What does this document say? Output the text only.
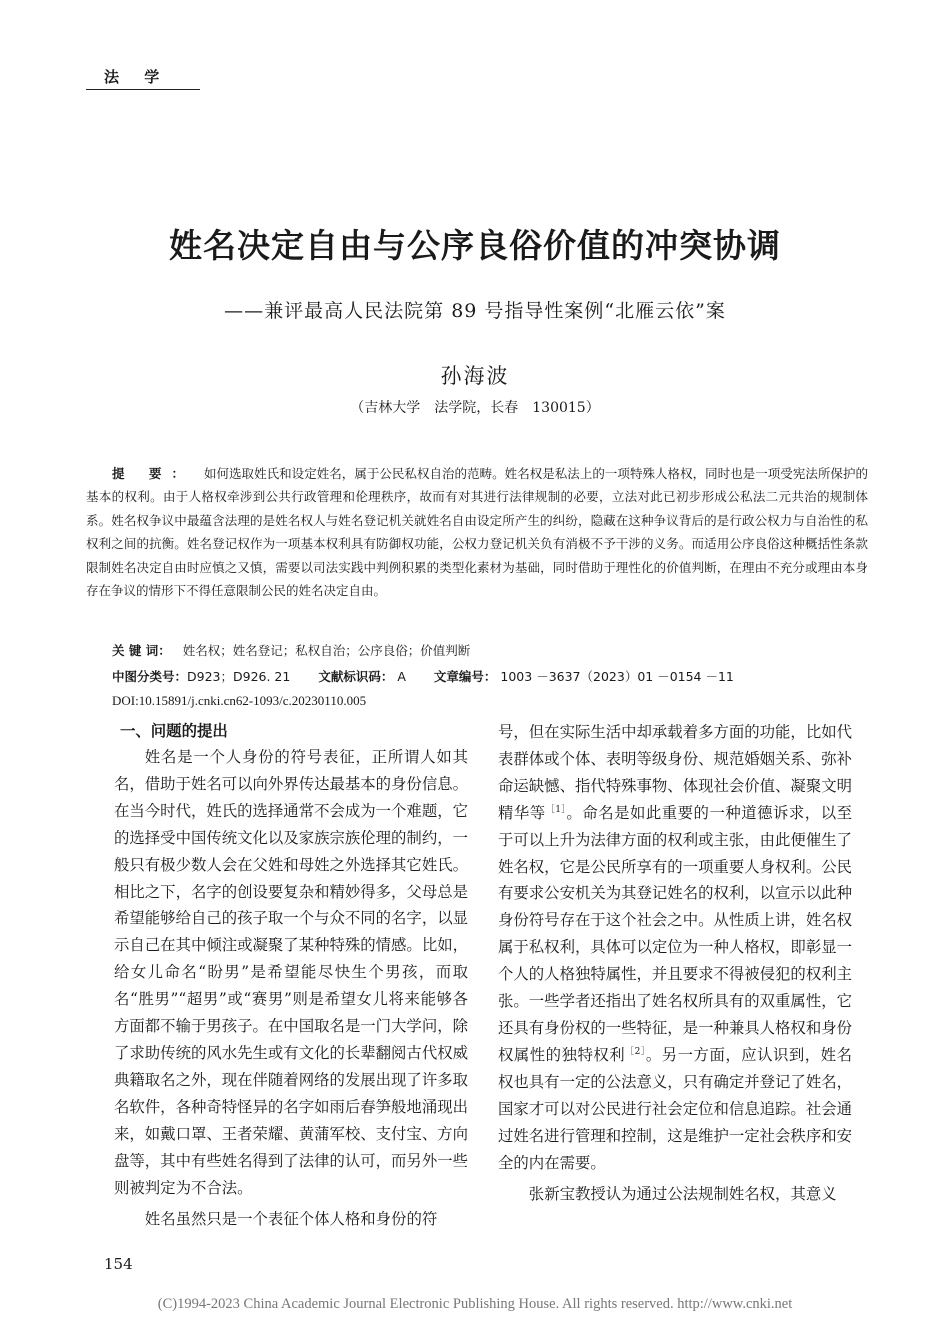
法 学
姓名决定自由与公序良俗价值的冲突协调
——兼评最高人民法院第 89 号指导性案例“北雁云依”案
孙海波
（吉林大学　法学院，长春　130015）
提 要： 如何选取姓氏和设定姓名，属于公民私权自治的范畴。姓名权是私法上的一项特殊人格权，同时也是一项受宪法所保护的基本的权利。由于人格权牵涉到公共行政管理和伦理秩序，故而有对其进行法律规制的必要，立法对此已初步形成公私法二元共治的规制体系。姓名权争议中最蕴含法理的是姓名权人与姓名登记机关就姓名自由设定所产生的纠纷，隐藏在这种争议背后的是行政公权力与自治性的私权利之间的抗衡。姓名登记权作为一项基本权利具有防御权功能，公权力登记机关负有消极不予干涉的义务。而适用公序良俗这种概括性条款限制姓名决定自由时应慎之又慎，需要以司法实践中判例积累的类型化素材为基础，同时借助于理性化的价值判断，在理由不充分或理由本身存在争议的情形下不得任意限制公民的姓名决定自由。
关 键 词： 姓名权；姓名登记；私权自治；公序良俗；价值判断
中图分类号：D923；D926. 21 文献标识码： A 文章编号： 1003 －3637（2023）01 －0154 －11
DOI:10.15891/j.cnki.cn62-1093/c.20230110.005
一、问题的提出

姓名是一个人身份的符号表征，正所谓人如其名，借助于姓名可以向外界传达最基本的身份信息。在当今时代，姓氏的选择通常不会成为一个难题，它的选择受中国传统文化以及家族宗族伦理的制约，一般只有极少数人会在父姓和母姓之外选择其它姓氏。相比之下，名字的创设要复杂和精妙得多，父母总是希望能够给自己的孩子取一个与众不同的名字，以显示自己在其中倾注或凝聚了某种特殊的情感。比如，给女儿命名“盼男”是希望能尽快生个男孩，而取名“胜男”“超男”或“赛男”则是希望女儿将来能够各方面都不输于男孩子。在中国取名是一门大学问，除了求助传统的风水先生或有文化的长辈翻阅古代权威典籍取名之外，现在伴随着网络的发展出现了许多取名软件，各种奇特怪异的名字如雨后春笋般地涌现出来，如戴口罩、王者荣耀、黄蒲军校、支付宝、方向盘等，其中有些姓名得到了法律的认可，而另外一些则被判定为不合法。

姓名虽然只是一个表征个体人格和身份的符

号，但在实际生活中却承载着多方面的功能，比如代表群体或个体、表明等级身份、规范婚姻关系、弥补命运缺憾、指代特殊事物、体现社会价值、凝聚文明精华等$^{[1]}$。命名是如此重要的一种道德诉求，以至于可以上升为法律方面的权利或主张，由此便催生了姓名权，它是公民所享有的一项重要人身权利。公民有要求公安机关为其登记姓名的权利，以宣示以此种身份符号存在于这个社会之中。从性质上讲，姓名权属于私权利，具体可以定位为一种人格权，即彰显一个人的人格独特属性，并且要求不得被侵犯的权利主张。一些学者还指出了姓名权所具有的双重属性，它还具有身份权的一些特征，是一种兼具人格权和身份权属性的独特权利$^{[2]}$。另一方面，应认识到，姓名权也具有一定的公法意义，只有确定并登记了姓名，国家才可以对公民进行社会定位和信息追踪。社会通过姓名进行管理和控制，这是维护一定社会秩序和安全的内在需要。

张新宝教授认为通过公法规制姓名权，其意义

154
(C)1994-2023 China Academic Journal Electronic Publishing House. All rights reserved. http://www.cnki.net
